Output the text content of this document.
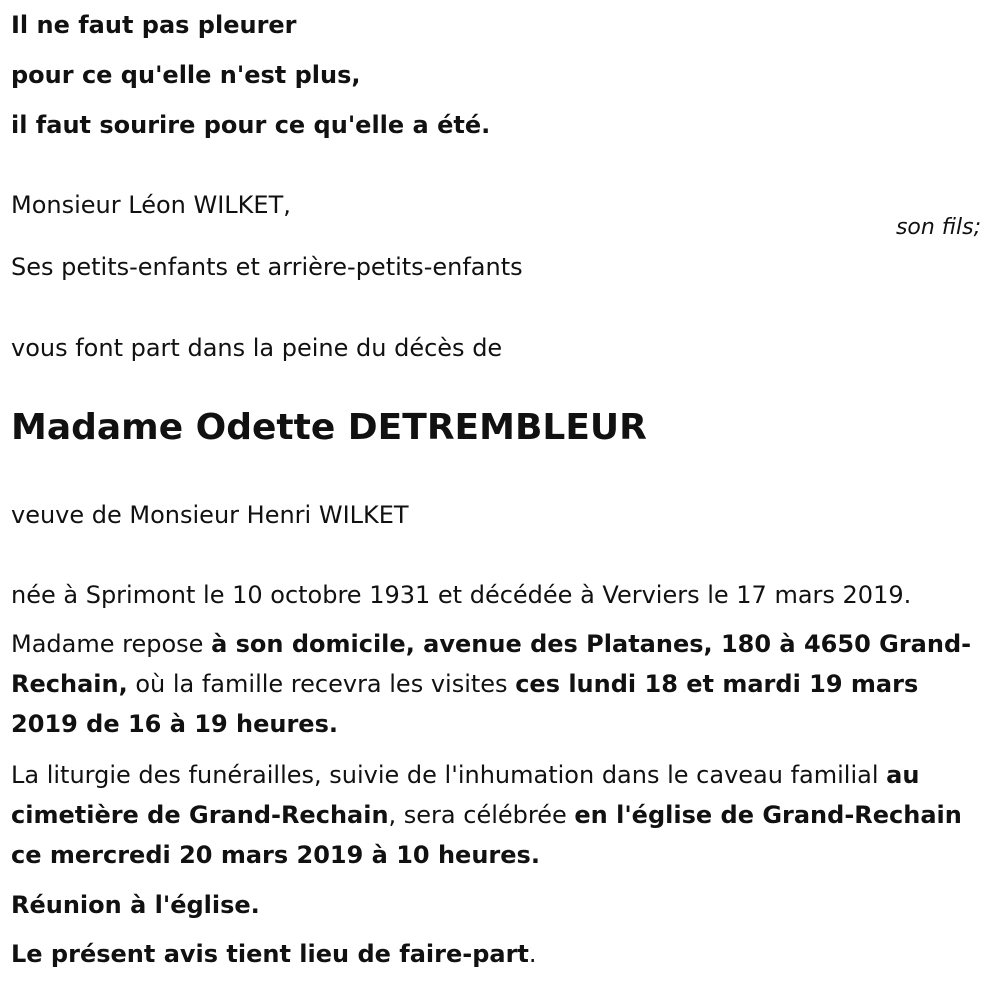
Il ne faut pas pleurer
pour ce qu'elle n'est plus,
il faut sourire pour ce qu'elle a été.
Monsieur Léon WILKET,
son fils;
Ses petits-enfants et arrière-petits-enfants
vous font part dans la peine du décès de
Madame Odette DETREMBLEUR
veuve de Monsieur Henri WILKET
née à Sprimont le 10 octobre 1931 et décédée à Verviers le 17 mars 2019.
Madame repose à son domicile, avenue des Platanes, 180 à 4650 Grand-Rechain, où la famille recevra les visites ces lundi 18 et mardi 19 mars 2019 de 16 à 19 heures.
La liturgie des funérailles, suivie de l'inhumation dans le caveau familial au cimetière de Grand-Rechain, sera célébrée en l'église de Grand-Rechain ce mercredi 20 mars 2019 à 10 heures.
Réunion à l'église.
Le présent avis tient lieu de faire-part.
